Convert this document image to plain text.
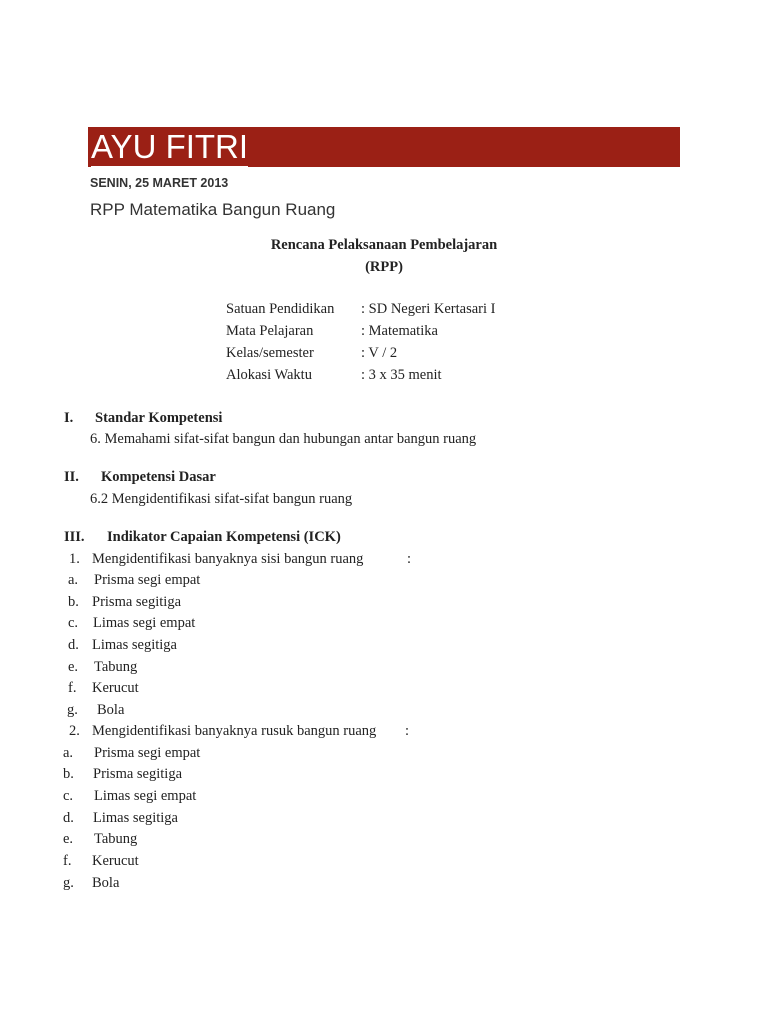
AYU FITRI
SENIN, 25 MARET 2013
RPP Matematika Bangun Ruang
Rencana Pelaksanaan Pembelajaran
(RPP)
Satuan Pendidikan : SD Negeri Kertasari I
Mata Pelajaran	: Matematika
Kelas/semester	: V / 2
Alokasi Waktu	: 3 x 35 menit
I. Standar Kompetensi
6. Memahami sifat-sifat bangun dan hubungan antar bangun ruang
II. Kompetensi Dasar
6.2 Mengidentifikasi sifat-sifat bangun ruang
III. Indikator Capaian Kompetensi (ICK)
1. Mengidentifikasi banyaknya sisi bangun ruang	:
a. Prisma segi empat
b. Prisma segitiga
c. Limas segi empat
d. Limas segitiga
e. Tabung
f. Kerucut
g. Bola
2. Mengidentifikasi banyaknya rusuk bangun ruang :
a. Prisma segi empat
b. Prisma segitiga
c. Limas segi empat
d. Limas segitiga
e. Tabung
f. Kerucut
g. Bola
